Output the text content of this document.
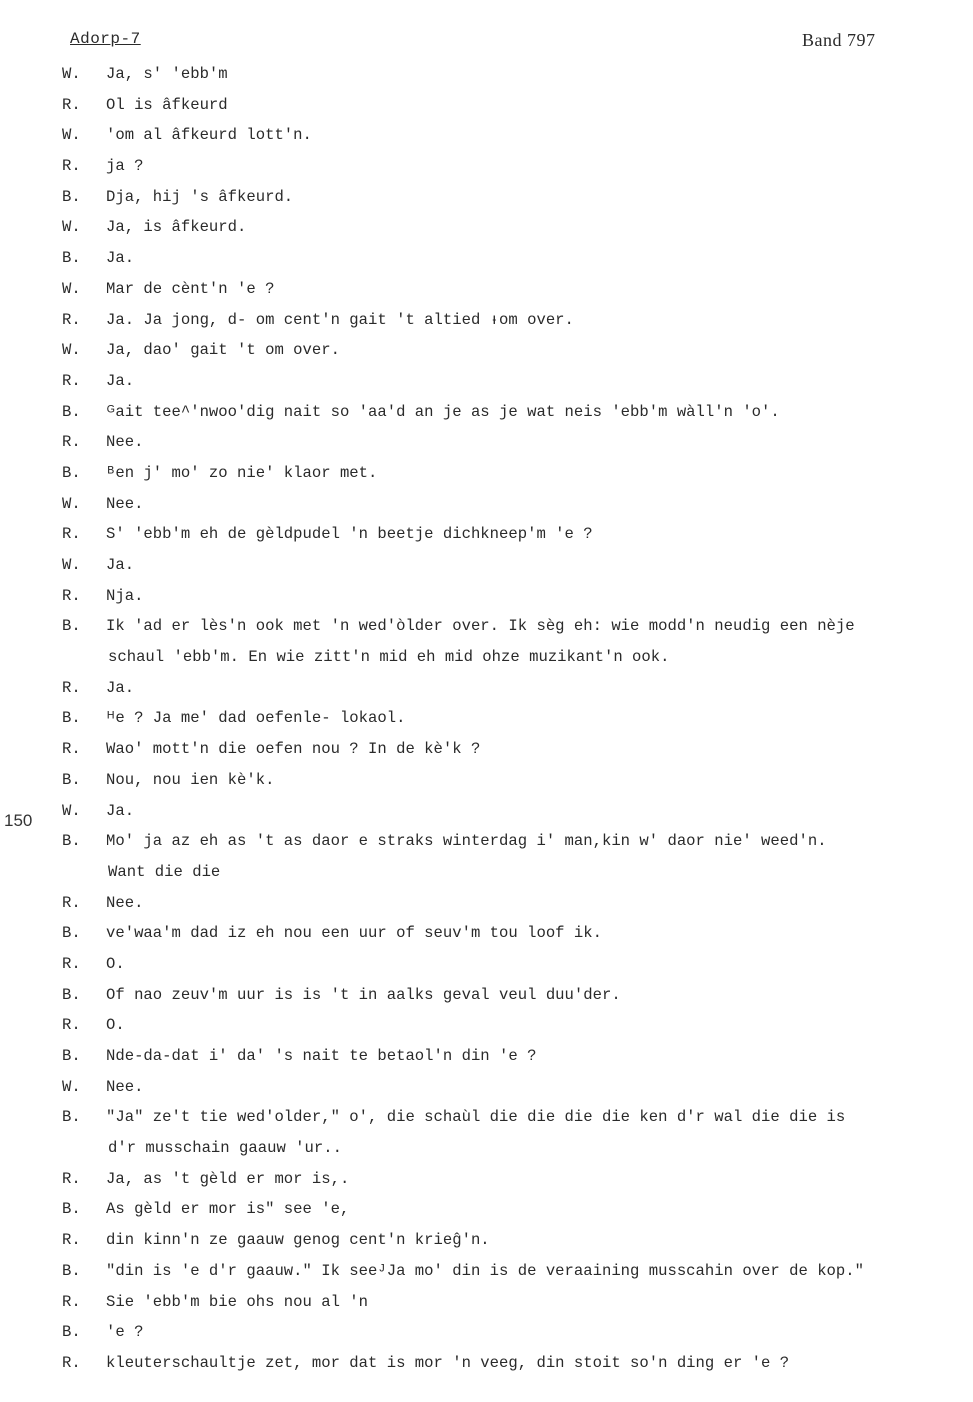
Adorp-7	Band 797
150
W. Ja, s' 'ebb'm
R. Ol is âfkeurd
W. 'om al âfkeurd lott'n.
R. ja ?
B. Dja, hij 's âfkeurd.
W. Ja, is âfkeurd.
B. Ja.
W. Mar de cènt'n 'e ?
R. Ja. Ja jong, d- om cent'n gait 't altied ᵻom over.
W. Ja, dao' gait 't om over.
R. Ja.
B. ᴳait tee^'nwoo'dig nait so 'aa'd an je as je wat neis 'ebb'm wàll'n 'o'.
R. Nee.
B. ᴮen j' mo' zo nie' klaor met.
W. Nee.
R. S' 'ebb'm eh de gèldpudel 'n beetje dichkneep'm 'e ?
W. Ja.
R. Nja.
B. Ik 'ad er lès'n ook met 'n wed'òlder over. Ik sèg eh: wie modd'n neudig een nèje
schaul 'ebb'm. En wie zitt'n mid eh mid ohze muzikant'n ook.
R. Ja.
B. ᴴe ? Ja me' dad oefenle- lokaol.
R. Wao' mott'n die oefen nou ? In de kè'k ?
B. Nou, nou ien kè'k.
W. Ja.
B. Mo' ja az eh as 't as daor e straks winterdag i' man,kin w' daor nie' weed'n.
Want die die
R. Nee.
B. ve'waa'm dad iz eh nou een uur of seuv'm tou loof ik.
R. O.
B. Of nao zeuv'm uur is is 't in aalks geval veul duu'der.
R. O.
B. Nde-da-dat i' da' 's nait te betaol'n din 'e ?
W. Nee.
B. "Ja" ze't tie wed'older," o', die schaùl die die die die ken d'r wal die die is
d'r musschain gaauw 'ur..
R. Ja, as 't gèld er mor is,.
B. As gèld er mor is" see 'e,
R. din kinn'n ze gaauw genog cent'n krieĝ'n.
B. "din is 'e d'r gaauw." Ik seeᴶJa mo' din is de veraaining musscahin over de kop."
R. Sie 'ebb'm bie ohs nou al 'n
B. 'e ?
R. kleuterschaultje zet, mor dat is mor 'n veeg, din stoit so'n ding er 'e ?
